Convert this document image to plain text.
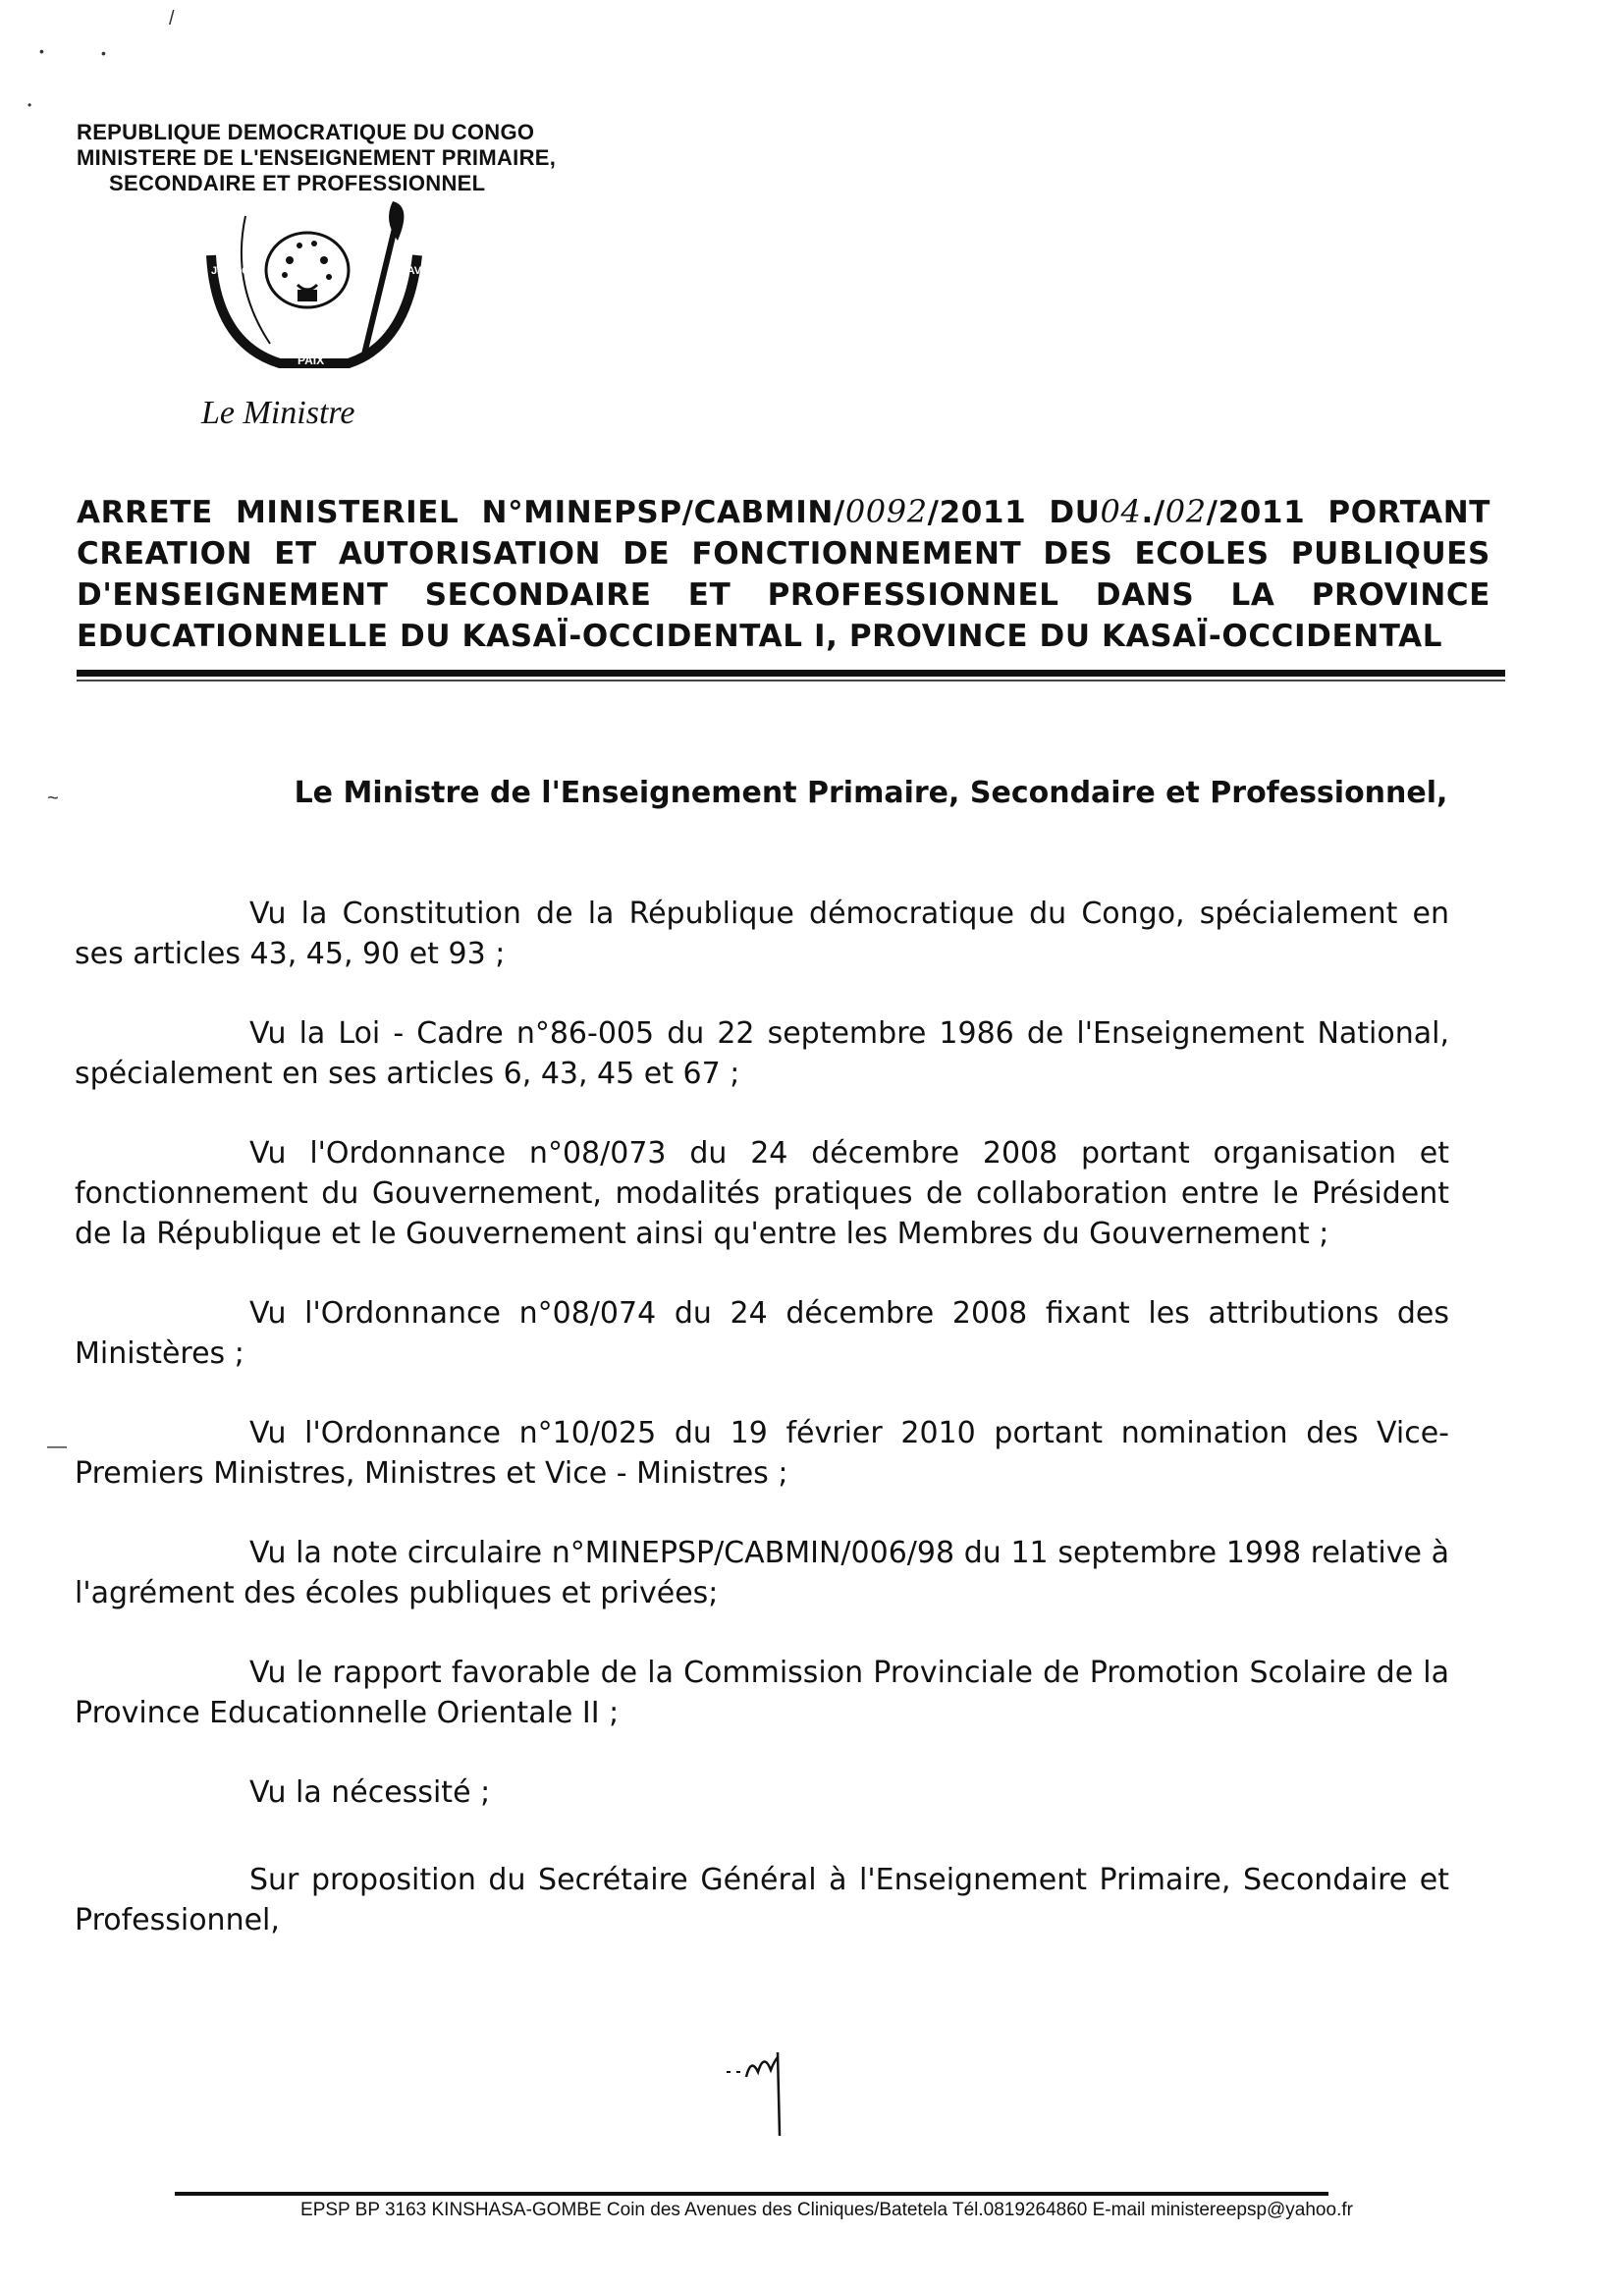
/
•	•
•
~
—
REPUBLIQUE DEMOCRATIQUE DU CONGO
MINISTERE DE L'ENSEIGNEMENT PRIMAIRE,
SECONDAIRE ET PROFESSIONNEL
JUSTICE
PAIX
TRAVAIL
Le Ministre
ARRETE MINISTERIEL N°MINEPSP/CABMIN/0092/2011 DU04./02/2011 PORTANT CREATION ET AUTORISATION DE FONCTIONNEMENT DES ECOLES PUBLIQUES D'ENSEIGNEMENT SECONDAIRE ET PROFESSIONNEL DANS LA PROVINCE EDUCATIONNELLE DU KASAÏ-OCCIDENTAL I, PROVINCE DU KASAÏ-OCCIDENTAL
Le Ministre de l'Enseignement Primaire, Secondaire et Professionnel,

Vu la Constitution de la République démocratique du Congo, spécialement en ses articles 43, 45, 90 et 93 ;

Vu la Loi - Cadre n°86-005 du 22 septembre 1986 de l'Enseignement National, spécialement en ses articles 6, 43, 45 et 67 ;

Vu l'Ordonnance n°08/073 du 24 décembre 2008 portant organisation et fonctionnement du Gouvernement, modalités pratiques de collaboration entre le Président de la République et le Gouvernement ainsi qu'entre les Membres du Gouvernement ;

Vu l'Ordonnance n°08/074 du 24 décembre 2008 fixant les attributions des Ministères ;

Vu l'Ordonnance n°10/025 du 19 février 2010 portant nomination des Vice-Premiers Ministres, Ministres et Vice - Ministres ;

Vu la note circulaire n°MINEPSP/CABMIN/006/98 du 11 septembre 1998 relative à l'agrément des écoles publiques et privées;

Vu le rapport favorable de la Commission Provinciale de Promotion Scolaire de la Province Educationnelle Orientale II ;

Vu la nécessité ;

Sur proposition du Secrétaire Général à l'Enseignement Primaire, Secondaire et Professionnel,

EPSP BP 3163 KINSHASA-GOMBE Coin des Avenues des Cliniques/Batetela Tél.0819264860 E-mail ministereepsp@yahoo.fr
